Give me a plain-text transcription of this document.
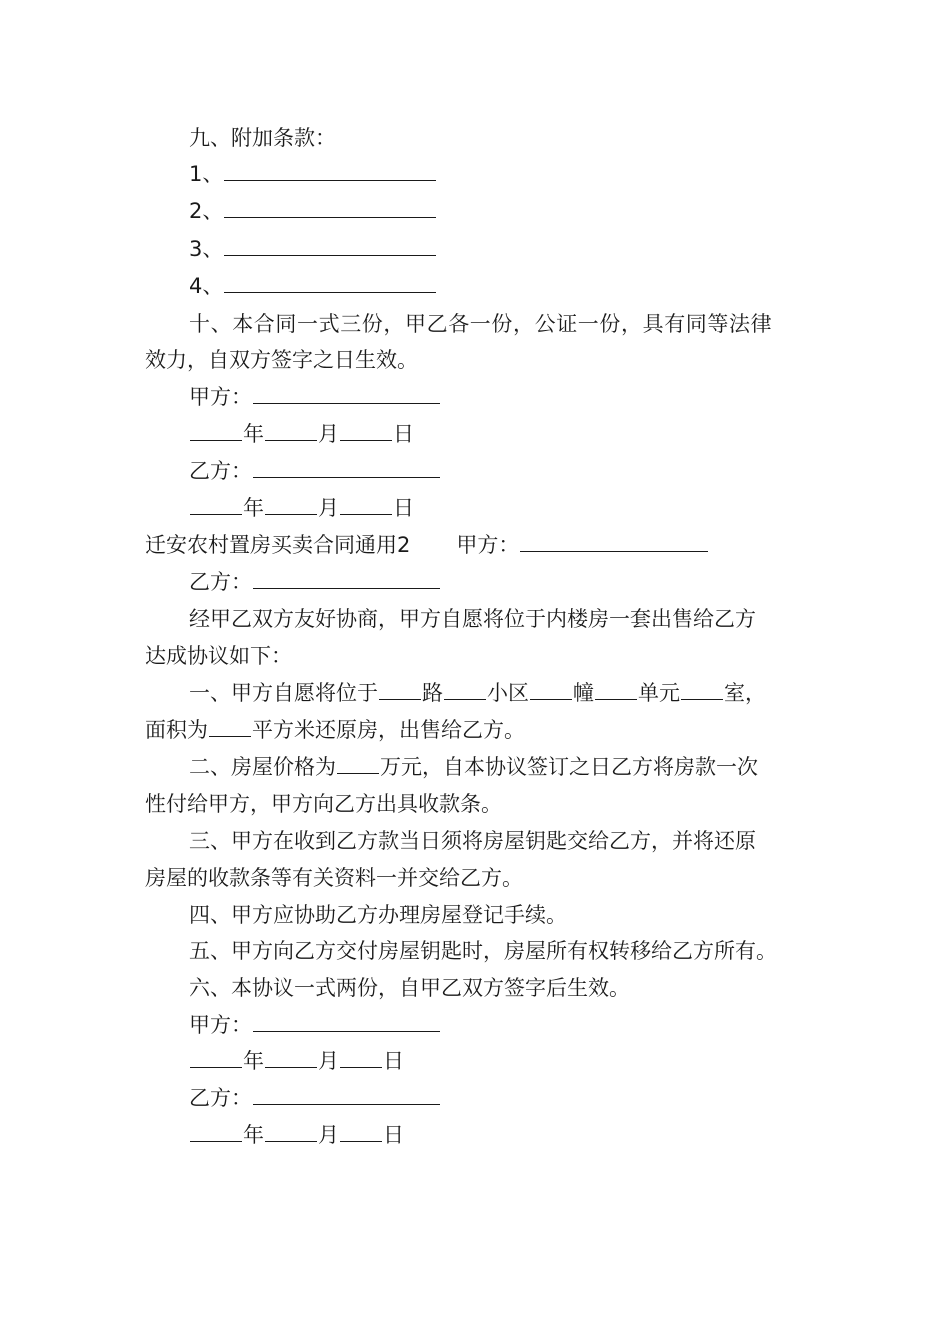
九、附加条款：
1、
2、
3、
4、
十、本合同一式三份，甲乙各一份，公证一份，具有同等法律
效力，自双方签字之日生效。
甲方：
年	月	日
乙方：
年	月	日
迁安农村置房买卖合同通用2 甲方：
乙方：
经甲乙双方友好协商，甲方自愿将位于内楼房一套出售给乙方
达成协议如下：
一、甲方自愿将位于 路 小区 幢 单元 室，
面积为 平方米还原房，出售给乙方。
二、房屋价格为 万元，自本协议签订之日乙方将房款一次
性付给甲方，甲方向乙方出具收款条。
三、甲方在收到乙方款当日须将房屋钥匙交给乙方，并将还原
房屋的收款条等有关资料一并交给乙方。
四、甲方应协助乙方办理房屋登记手续。
五、甲方向乙方交付房屋钥匙时，房屋所有权转移给乙方所有。
六、本协议一式两份，自甲乙双方签字后生效。
甲方：
年	月 日
乙方：
年	月 日
